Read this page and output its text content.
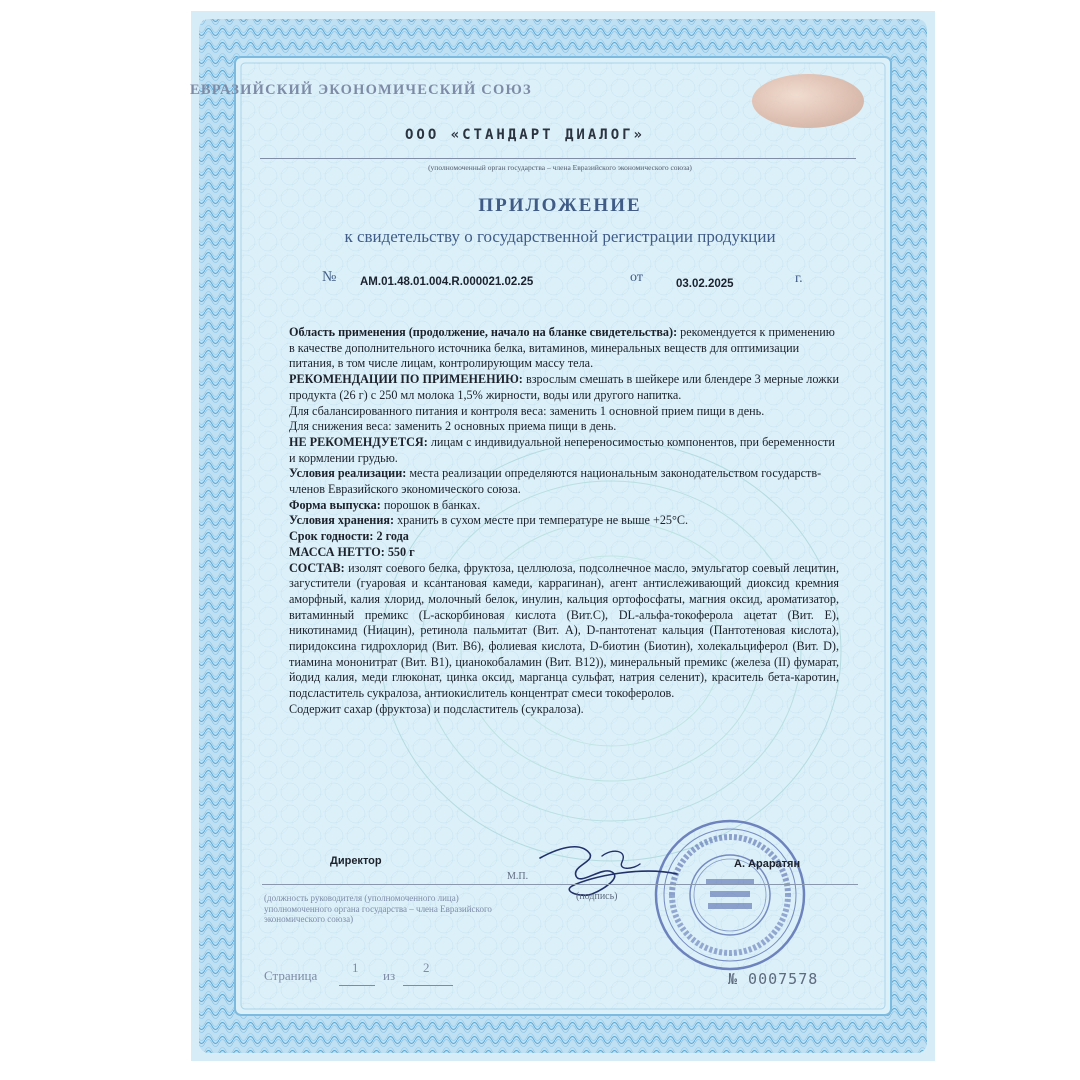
ЕВРАЗИЙСКИЙ ЭКОНОМИЧЕСКИЙ СОЮЗ
ООО «СТАНДАРТ ДИАЛОГ»
(уполномоченный орган государства – члена Евразийского экономического союза)
ПРИЛОЖЕНИЕ
к свидетельству о государственной регистрации продукции
№ AM.01.48.01.004.R.000021.02.25	от	03.02.2025	г.

Область применения (продолжение, начало на бланке свидетельства): рекомендуется к применению в качестве дополнительного источника белка, витаминов, минеральных веществ для оптимизации питания, в том числе лицам, контролирующим массу тела.

РЕКОМЕНДАЦИИ ПО ПРИМЕНЕНИЮ: взрослым смешать в шейкере или блендере 3 мерные ложки продукта (26 г) с 250 мл молока 1,5% жирности, воды или другого напитка.

Для сбалансированного питания и контроля веса: заменить 1 основной прием пищи в день.

Для снижения веса: заменить 2 основных приема пищи в день.

НЕ РЕКОМЕНДУЕТСЯ: лицам с индивидуальной непереносимостью компонентов, при беременности и кормлении грудью.

Условия реализации: места реализации определяются национальным законодательством государств-членов Евразийского экономического союза.

Форма выпуска: порошок в банках.

Условия хранения: хранить в сухом месте при температуре не выше +25°С.

Срок годности: 2 года

МАССА НЕТТО: 550 г

СОСТАВ: изолят соевого белка, фруктоза, целлюлоза, подсолнечное масло, эмульгатор соевый лецитин, загустители (гуаровая и ксантановая камеди, каррагинан), агент антислеживающий диоксид кремния аморфный, калия хлорид, молочный белок, инулин, кальция ортофосфаты, магния оксид, ароматизатор, витаминный премикс (L-аскорбиновая кислота (Вит.С), DL-альфа-токоферола ацетат (Вит. Е), никотинамид (Ниацин), ретинола пальмитат (Вит. А), D-пантотенат кальция (Пантотеновая кислота), пиридоксина гидрохлорид (Вит. В6), фолиевая кислота, D-биотин (Биотин), холекальциферол (Вит. D), тиамина мононитрат (Вит. В1), цианокобаламин (Вит. В12)), минеральный премикс (железа (II) фумарат, йодид калия, меди глюконат, цинка оксид, марганца сульфат, натрия селенит), краситель бета-каротин, подсластитель сукралоза, антиокислитель концентрат смеси токоферолов.

Содержит сахар (фруктоза) и подсластитель (сукралоза).

Директор
М.П.
(подпись)
А. Араратян
(должность руководителя (уполномоченного лица) уполномоченного органа государства – члена Евразийского экономического союза)
Страница
1
из
2
№ 0007578
